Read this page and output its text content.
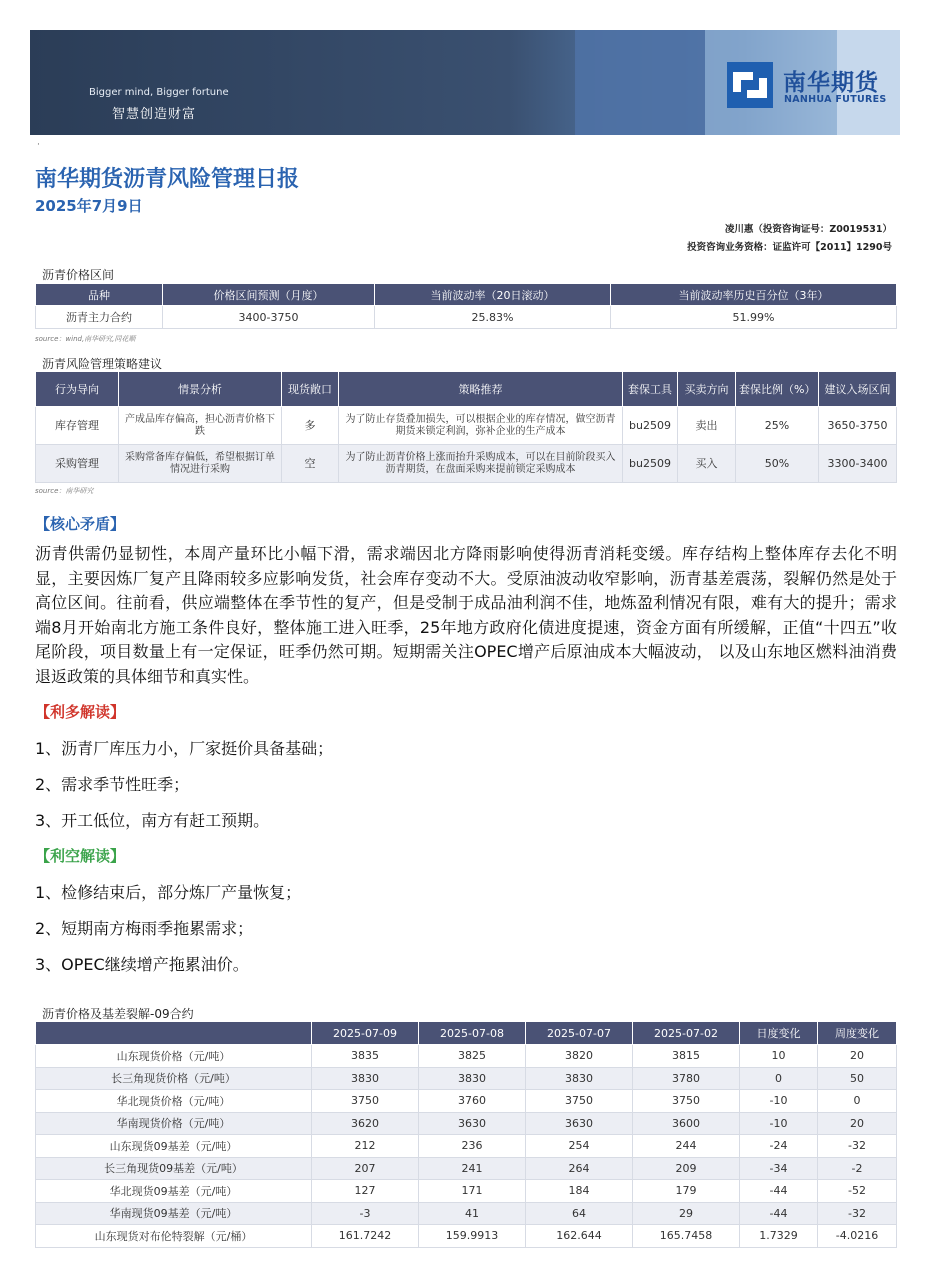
Bigger mind, Bigger fortune
智慧创造财富
南华期货
NANHUA FUTURES
·
南华期货沥青风险管理日报
2025年7月9日
凌川惠（投资咨询证号：Z0019531）
投资咨询业务资格：证监许可【2011】1290号
沥青价格区间
品种	价格区间预测（月度）	当前波动率（20日滚动）	当前波动率历史百分位（3年）
沥青主力合约	3400-3750	25.83%	51.99%
source：wind,南华研究,同花顺
沥青风险管理策略建议
行为导向	情景分析	现货敞口	策略推荐	套保工具	买卖方向	套保比例（%）	建议入场区间
库存管理	产成品库存偏高，担心沥青价格下跌	多	为了防止存货叠加损失，可以根据企业的库存情况，做空沥青期货来锁定利润，弥补企业的生产成本	bu2509	卖出	25%	3650-3750
采购管理	采购常备库存偏低，希望根据订单情况进行采购	空	为了防止沥青价格上涨而抬升采购成本，可以在目前阶段买入沥青期货，在盘面采购来提前锁定采购成本	bu2509	买入	50%	3300-3400
source：南华研究
【核心矛盾】
沥青供需仍显韧性，本周产量环比小幅下滑，需求端因北方降雨影响使得沥青消耗变缓。库存结构上整体库存去化不明显，主要因炼厂复产且降雨较多应影响发货，社会库存变动不大。受原油波动收窄影响，沥青基差震荡，裂解仍然是处于高位区间。往前看，供应端整体在季节性的复产，但是受制于成品油利润不佳，地炼盈利情况有限，难有大的提升；需求端8月开始南北方施工条件良好，整体施工进入旺季，25年地方政府化债进度提速，资金方面有所缓解，正值“十四五”收尾阶段，项目数量上有一定保证，旺季仍然可期。短期需关注OPEC增产后原油成本大幅波动， 以及山东地区燃料油消费退返政策的具体细节和真实性。
【利多解读】
1、沥青厂库压力小，厂家挺价具备基础；
2、需求季节性旺季；
3、开工低位，南方有赶工预期。
【利空解读】
1、检修结束后，部分炼厂产量恢复；
2、短期南方梅雨季拖累需求；
3、OPEC继续增产拖累油价。
沥青价格及基差裂解-09合约
	2025-07-09	2025-07-08	2025-07-07	2025-07-02	日度变化	周度变化
山东现货价格（元/吨）	3835	3825	3820	3815	10	20
长三角现货价格（元/吨）	3830	3830	3830	3780	0	50
华北现货价格（元/吨）	3750	3760	3750	3750	-10	0
华南现货价格（元/吨）	3620	3630	3630	3600	-10	20
山东现货09基差（元/吨）	212	236	254	244	-24	-32
长三角现货09基差（元/吨）	207	241	264	209	-34	-2
华北现货09基差（元/吨）	127	171	184	179	-44	-52
华南现货09基差（元/吨）	-3	41	64	29	-44	-32
山东现货对布伦特裂解（元/桶）	161.7242	159.9913	162.644	165.7458	1.7329	-4.0216
